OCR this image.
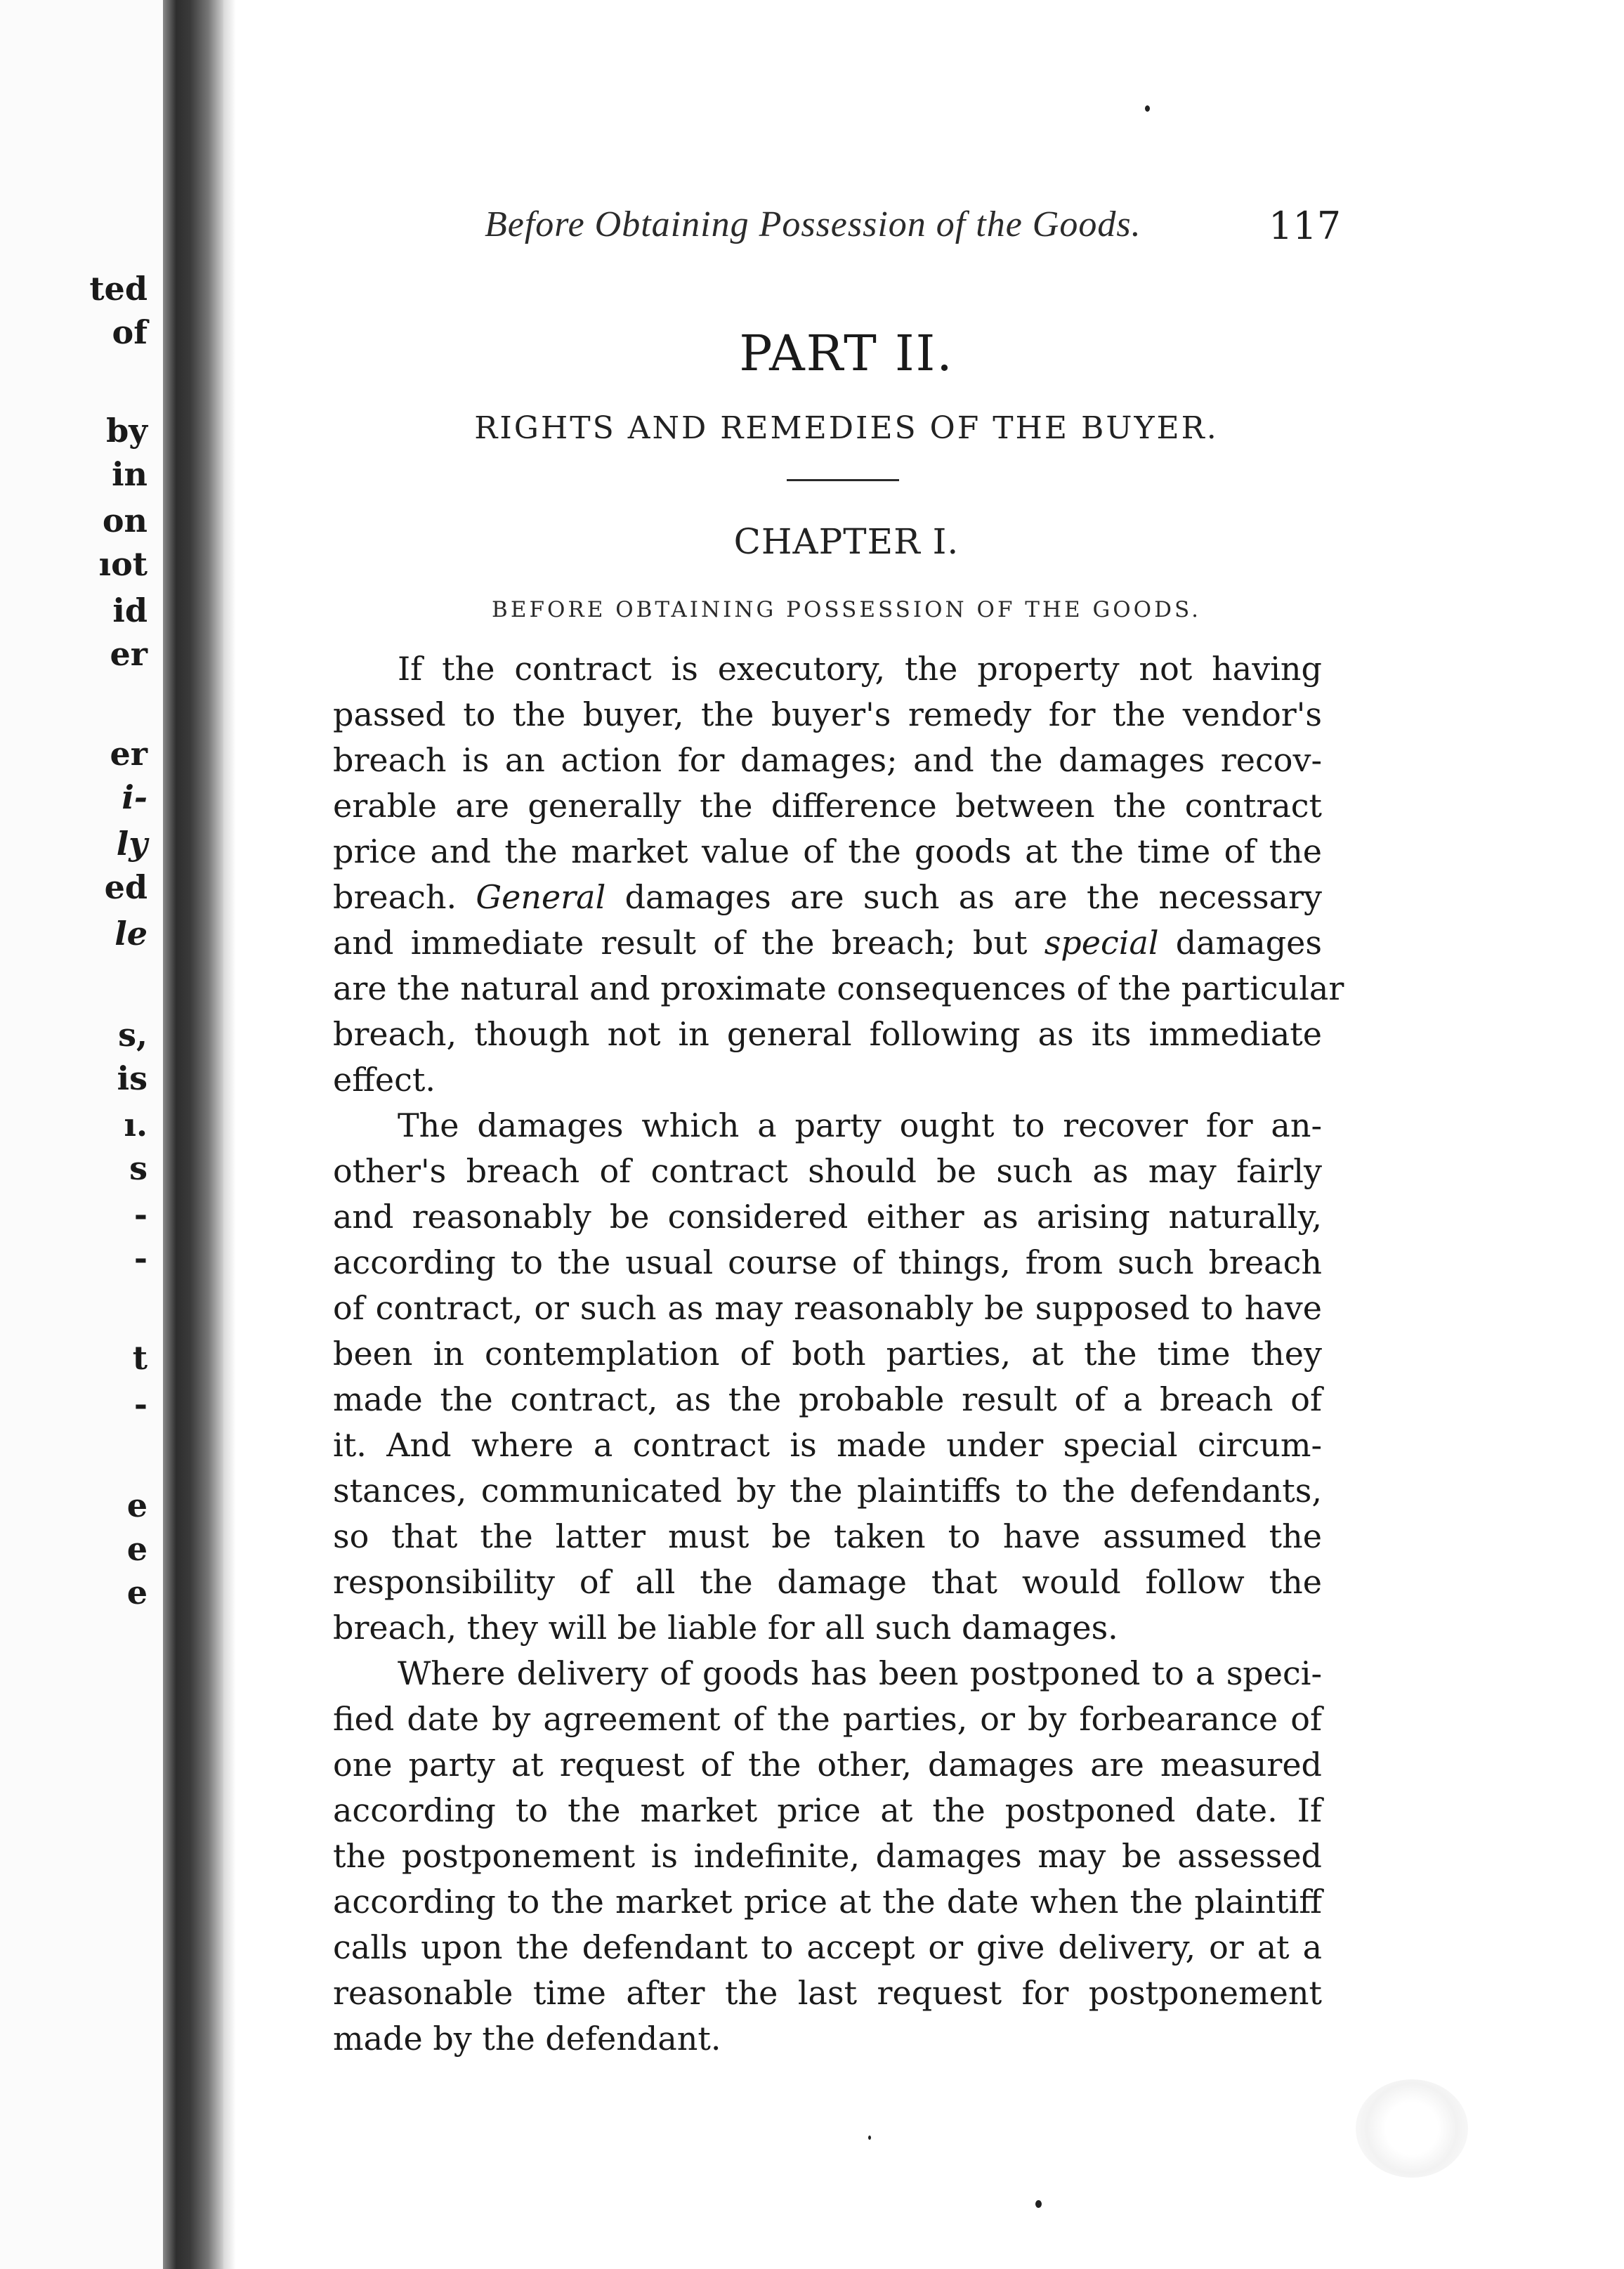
ted
of
by
in
on
ıot
id
er
er
i-
ly
ed
le
s,
is
ı.
s
-
-
t
-
e
e
e
Before Obtaining Possession of the Goods.	117
PART II.
RIGHTS AND REMEDIES OF THE BUYER.
CHAPTER I.
BEFORE OBTAINING POSSESSION OF THE GOODS.
If the contract is executory, the property not having
passed to the buyer, the buyer's remedy for the vendor's
breach is an action for damages; and the damages recov-
erable are generally the difference between the contract
price and the market value of the goods at the time of the
breach. General damages are such as are the necessary
and immediate result of the breach; but special damages
are the natural and proximate consequences of the particular
breach, though not in general following as its immediate
effect.
The damages which a party ought to recover for an-
other's breach of contract should be such as may fairly
and reasonably be considered either as arising naturally,
according to the usual course of things, from such breach
of contract, or such as may reasonably be supposed to have
been in contemplation of both parties, at the time they
made the contract, as the probable result of a breach of
it. And where a contract is made under special circum-
stances, communicated by the plaintiffs to the defendants,
so that the latter must be taken to have assumed the
responsibility of all the damage that would follow the
breach, they will be liable for all such damages.
Where delivery of goods has been postponed to a speci-
fied date by agreement of the parties, or by forbearance of
one party at request of the other, damages are measured
according to the market price at the postponed date. If
the postponement is indefinite, damages may be assessed
according to the market price at the date when the plaintiff
calls upon the defendant to accept or give delivery, or at a
reasonable time after the last request for postponement
made by the defendant.
